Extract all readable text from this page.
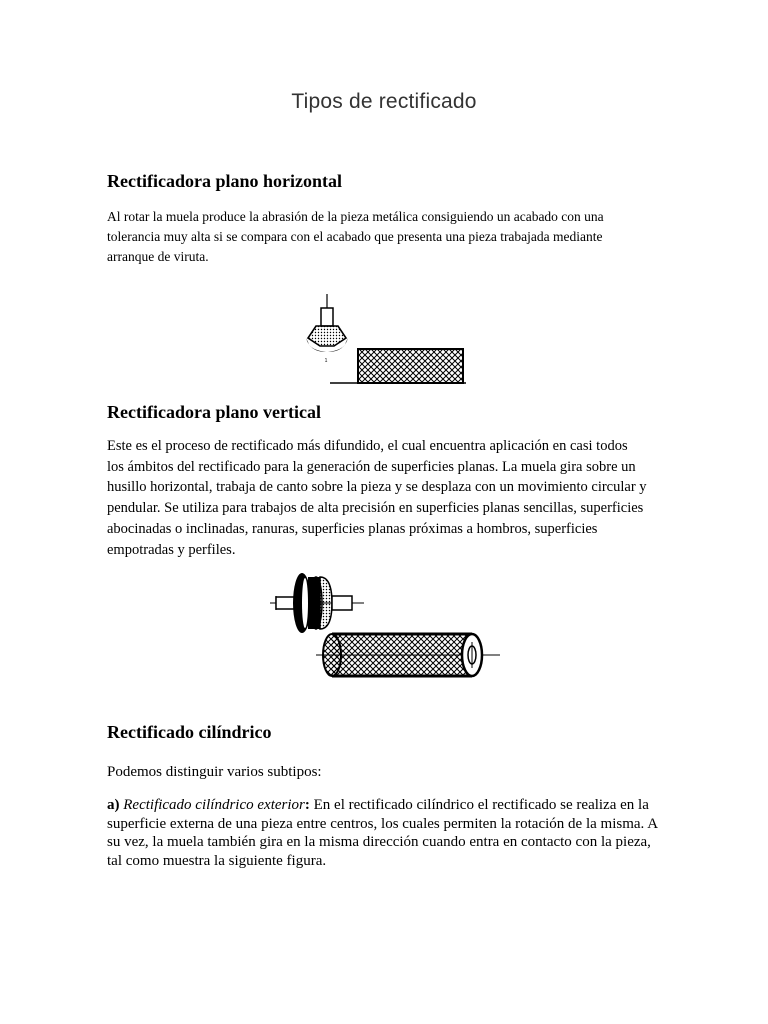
Tipos de rectificado
Rectificadora plano horizontal

Al rotar la muela produce la abrasión de la pieza metálica consiguiendo un acabado con una tolerancia muy alta si se compara con el acabado que presenta una pieza trabajada mediante arranque de viruta.

1
Rectificadora plano vertical

Este es el proceso de rectificado más difundido, el cual encuentra aplicación en casi todos los ámbitos del rectificado para la generación de superficies planas. La muela gira sobre un husillo horizontal, trabaja de canto sobre la pieza y se desplaza con un movimiento circular y pendular. Se utiliza para trabajos de alta precisión en superficies planas sencillas, superficies abocinadas o inclinadas, ranuras, superficies planas próximas a hombros, superficies empotradas y perfiles.

Rectificado cilíndrico

Podemos distinguir varios subtipos:

a) Rectificado cilíndrico exterior: En el rectificado cilíndrico el rectificado se realiza en la superficie externa de una pieza entre centros, los cuales permiten la rotación de la misma. A su vez, la muela también gira en la misma dirección cuando entra en contacto con la pieza, tal como muestra la siguiente figura.
